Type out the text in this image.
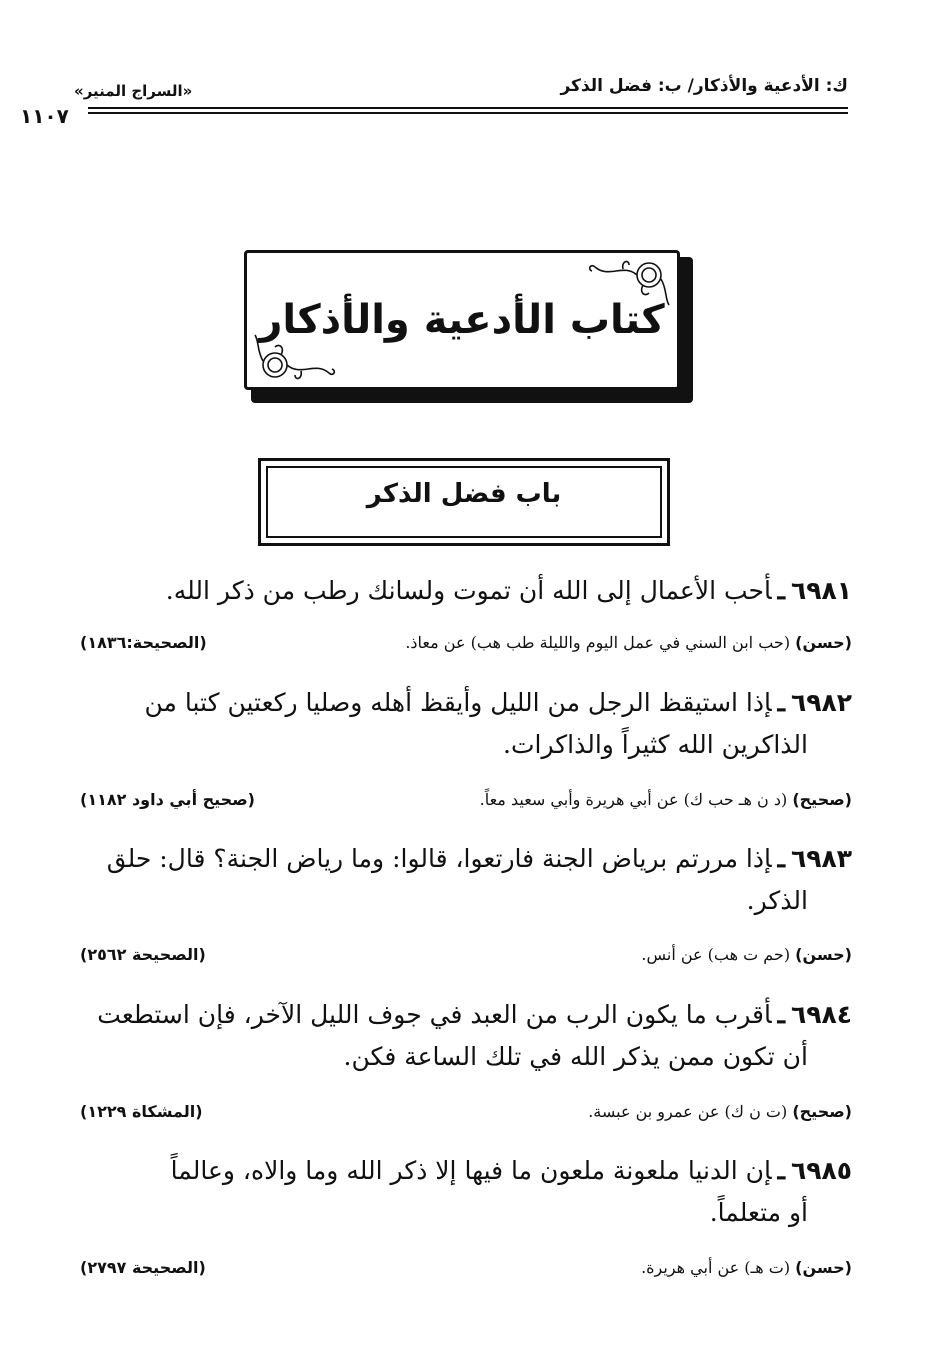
ك: الأدعية والأذكار/ ب: فضل الذكر
«السراج المنير»
١١٠٧
كتاب الأدعية والأذكار
باب فضل الذكر

٦٩٨١ـأحب الأعمال إلى الله أن تموت ولسانك رطب من ذكر الله.

(حسن) (حب ابن السني في عمل اليوم والليلة طب هب) عن معاذ.
(الصحيحة:١٨٣٦)

٦٩٨٢ـإذا استيقظ الرجل من الليل وأيقظ أهله وصليا ركعتين كتبا من

الذاكرين الله كثيراً والذاكرات.

(صحيح) (د ن هـ حب ك) عن أبي هريرة وأبي سعيد معاً.
(صحيح أبي داود ١١٨٢)

٦٩٨٣ـإذا مررتم برياض الجنة فارتعوا، قالوا: وما رياض الجنة؟ قال: حلق

الذكر.

(حسن) (حم ت هب) عن أنس.
(الصحيحة ٢٥٦٢)

٦٩٨٤ـأقرب ما يكون الرب من العبد في جوف الليل الآخر، فإن استطعت

أن تكون ممن يذكر الله في تلك الساعة فكن.

(صحيح) (ت ن ك) عن عمرو بن عبسة.
(المشكاة ١٢٢٩)

٦٩٨٥ـإن الدنيا ملعونة ملعون ما فيها إلا ذكر الله وما والاه، وعالماً

أو متعلماً.

(حسن) (ت هـ) عن أبي هريرة.
(الصحيحة ٢٧٩٧)
